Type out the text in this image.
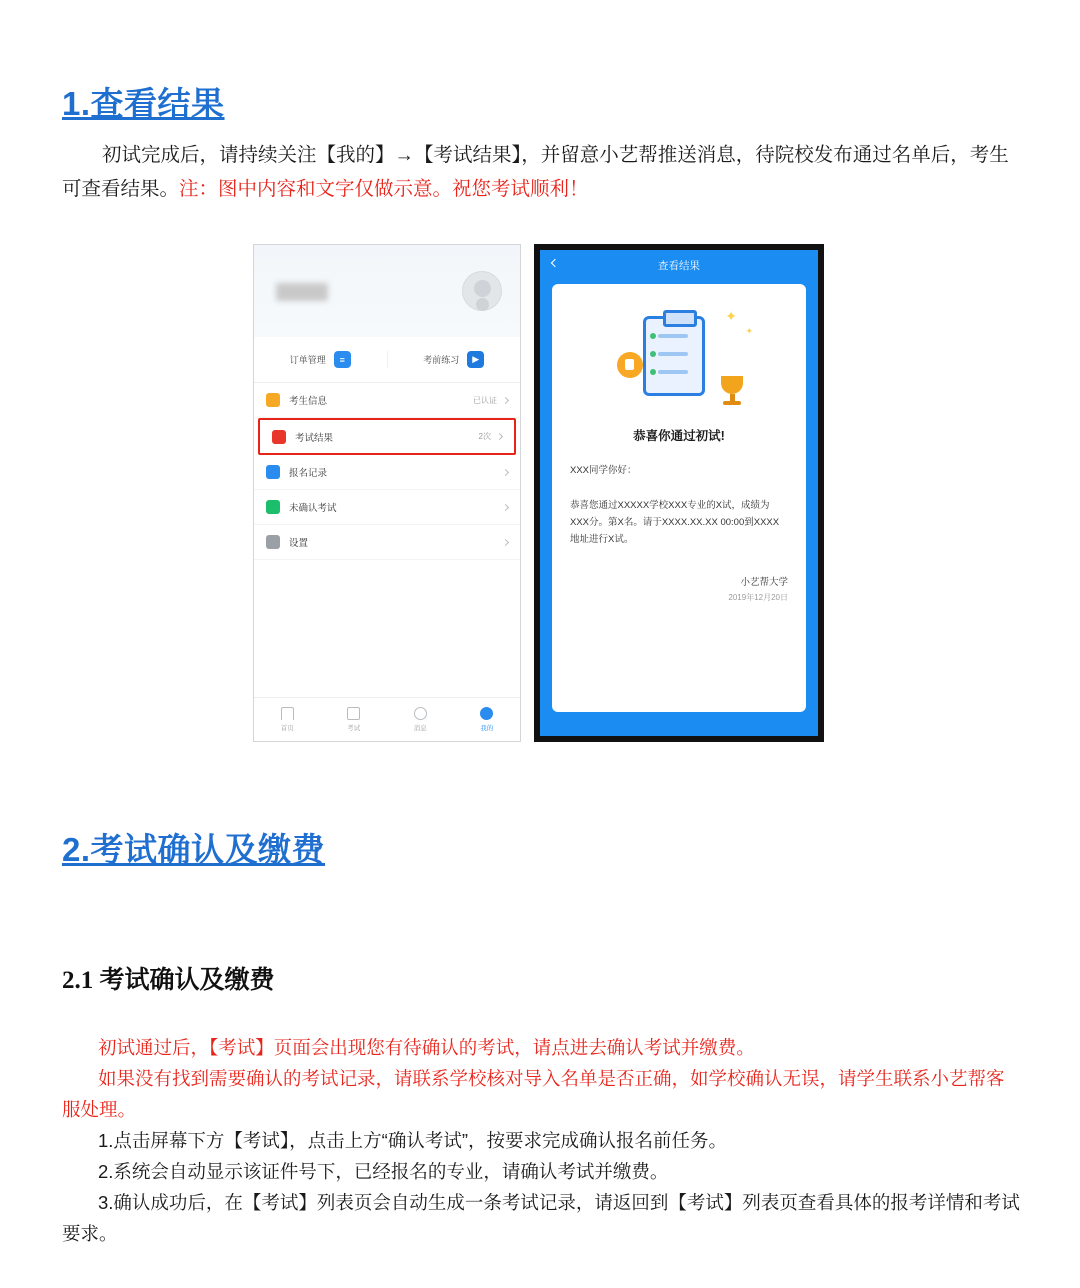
1.查看结果
初试完成后，请持续关注【我的】→【考试结果】，并留意小艺帮推送消息，待院校发布通过名单后，考生可查看结果。注：图中内容和文字仅做示意。祝您考试顺利！
订单管理	≡	考前练习	▶
考生信息	已认证
考试结果	2次
报名记录
未确认考试
设置
首页	考试	消息	我的
查看结果
✦
✦
恭喜你通过初试!
XXX同学你好：
恭喜您通过XXXXX学校XXX专业的X试，成绩为XXX分。第X名。请于XXXX.XX.XX 00:00到XXXX地址进行X试。
小艺帮大学
2019年12月20日
2.考试确认及缴费
2.1 考试确认及缴费

初试通过后，【考试】页面会出现您有待确认的考试，请点进去确认考试并缴费。

如果没有找到需要确认的考试记录，请联系学校核对导入名单是否正确，如学校确认无误，请学生联系小艺帮客服处理。

1.点击屏幕下方【考试】，点击上方“确认考试”，按要求完成确认报名前任务。

2.系统会自动显示该证件号下，已经报名的专业，请确认考试并缴费。

3.确认成功后，在【考试】列表页会自动生成一条考试记录，请返回到【考试】列表页查看具体的报考详情和考试要求。
